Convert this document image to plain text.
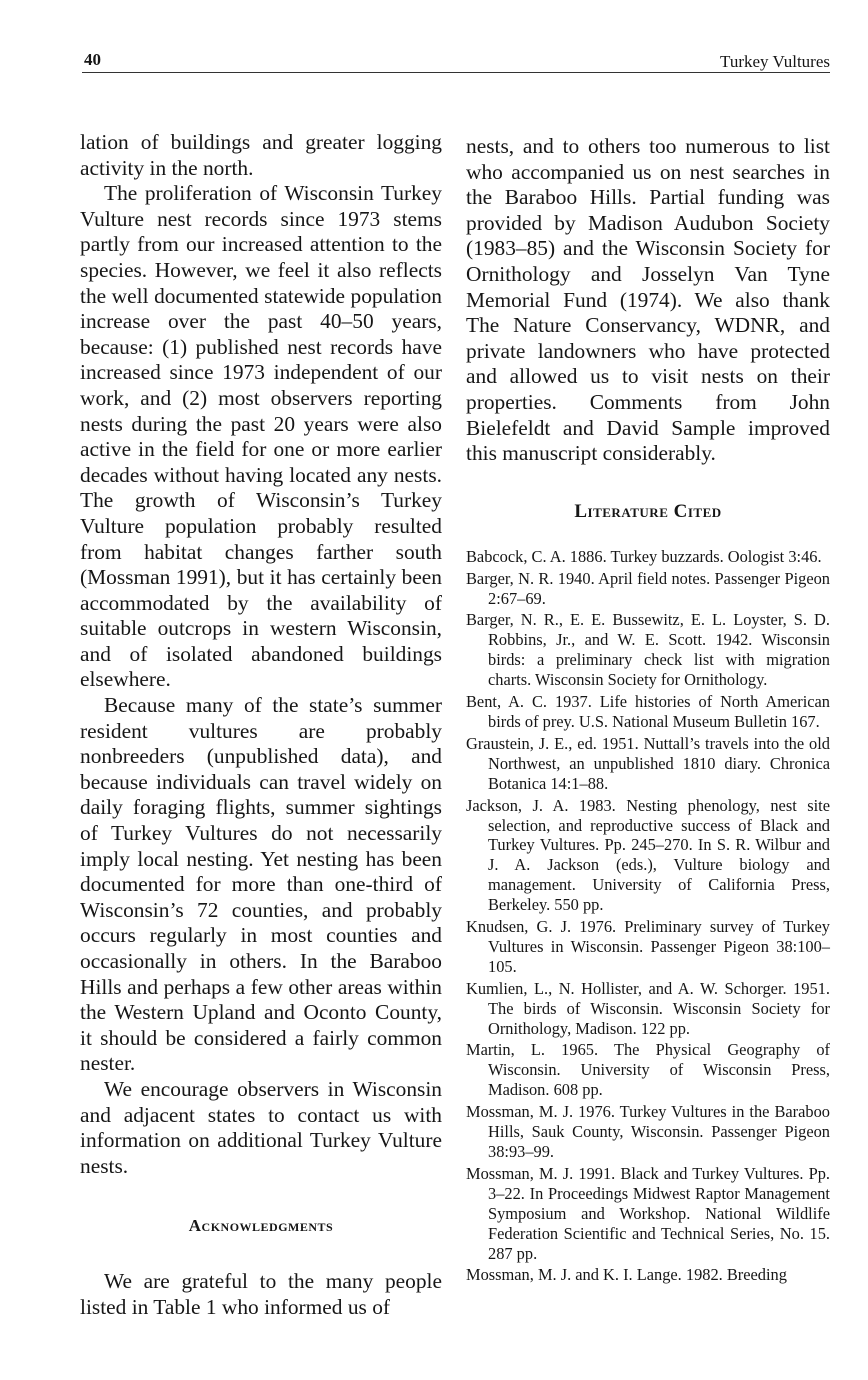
40	Turkey Vultures

lation of buildings and greater logging activity in the north.

The proliferation of Wisconsin Turkey Vulture nest records since 1973 stems partly from our increased attention to the species. However, we feel it also reflects the well documented statewide population increase over the past 40–50 years, because: (1) published nest records have increased since 1973 independent of our work, and (2) most observers reporting nests during the past 20 years were also active in the field for one or more earlier decades without having located any nests. The growth of Wisconsin’s Turkey Vulture population probably resulted from habitat changes farther south (Mossman 1991), but it has certainly been accommodated by the availability of suitable outcrops in western Wisconsin, and of isolated abandoned buildings elsewhere.

Because many of the state’s summer resident vultures are probably nonbreeders (unpublished data), and because individuals can travel widely on daily foraging flights, summer sightings of Turkey Vultures do not necessarily imply local nesting. Yet nesting has been documented for more than one-third of Wisconsin’s 72 counties, and probably occurs regularly in most counties and occasionally in others. In the Baraboo Hills and perhaps a few other areas within the Western Upland and Oconto County, it should be considered a fairly common nester.

We encourage observers in Wisconsin and adjacent states to contact us with information on additional Turkey Vulture nests.

Acknowledgments

We are grateful to the many people listed in Table 1 who informed us of

nests, and to others too numerous to list who accompanied us on nest searches in the Baraboo Hills. Partial funding was provided by Madison Audubon Society (1983–85) and the Wisconsin Society for Ornithology and Josselyn Van Tyne Memorial Fund (1974). We also thank The Nature Conservancy, WDNR, and private landowners who have protected and allowed us to visit nests on their properties. Comments from John Bielefeldt and David Sample improved this manuscript considerably.

Literature Cited

Babcock, C. A. 1886. Turkey buzzards. Oologist 3:46.

Barger, N. R. 1940. April field notes. Passenger Pigeon 2:67–69.

Barger, N. R., E. E. Bussewitz, E. L. Loyster, S. D. Robbins, Jr., and W. E. Scott. 1942. Wisconsin birds: a preliminary check list with migration charts. Wisconsin Society for Ornithology.

Bent, A. C. 1937. Life histories of North American birds of prey. U.S. National Museum Bulletin 167.

Graustein, J. E., ed. 1951. Nuttall’s travels into the old Northwest, an unpublished 1810 diary. Chronica Botanica 14:1–88.

Jackson, J. A. 1983. Nesting phenology, nest site selection, and reproductive success of Black and Turkey Vultures. Pp. 245–270. In S. R. Wilbur and J. A. Jackson (eds.), Vulture biology and management. University of California Press, Berkeley. 550 pp.

Knudsen, G. J. 1976. Preliminary survey of Turkey Vultures in Wisconsin. Passenger Pigeon 38:100–105.

Kumlien, L., N. Hollister, and A. W. Schorger. 1951. The birds of Wisconsin. Wisconsin Society for Ornithology, Madison. 122 pp.

Martin, L. 1965. The Physical Geography of Wisconsin. University of Wisconsin Press, Madison. 608 pp.

Mossman, M. J. 1976. Turkey Vultures in the Baraboo Hills, Sauk County, Wisconsin. Passenger Pigeon 38:93–99.

Mossman, M. J. 1991. Black and Turkey Vultures. Pp. 3–22. In Proceedings Midwest Raptor Management Symposium and Workshop. National Wildlife Federation Scientific and Technical Series, No. 15. 287 pp.

Mossman, M. J. and K. I. Lange. 1982. Breeding
